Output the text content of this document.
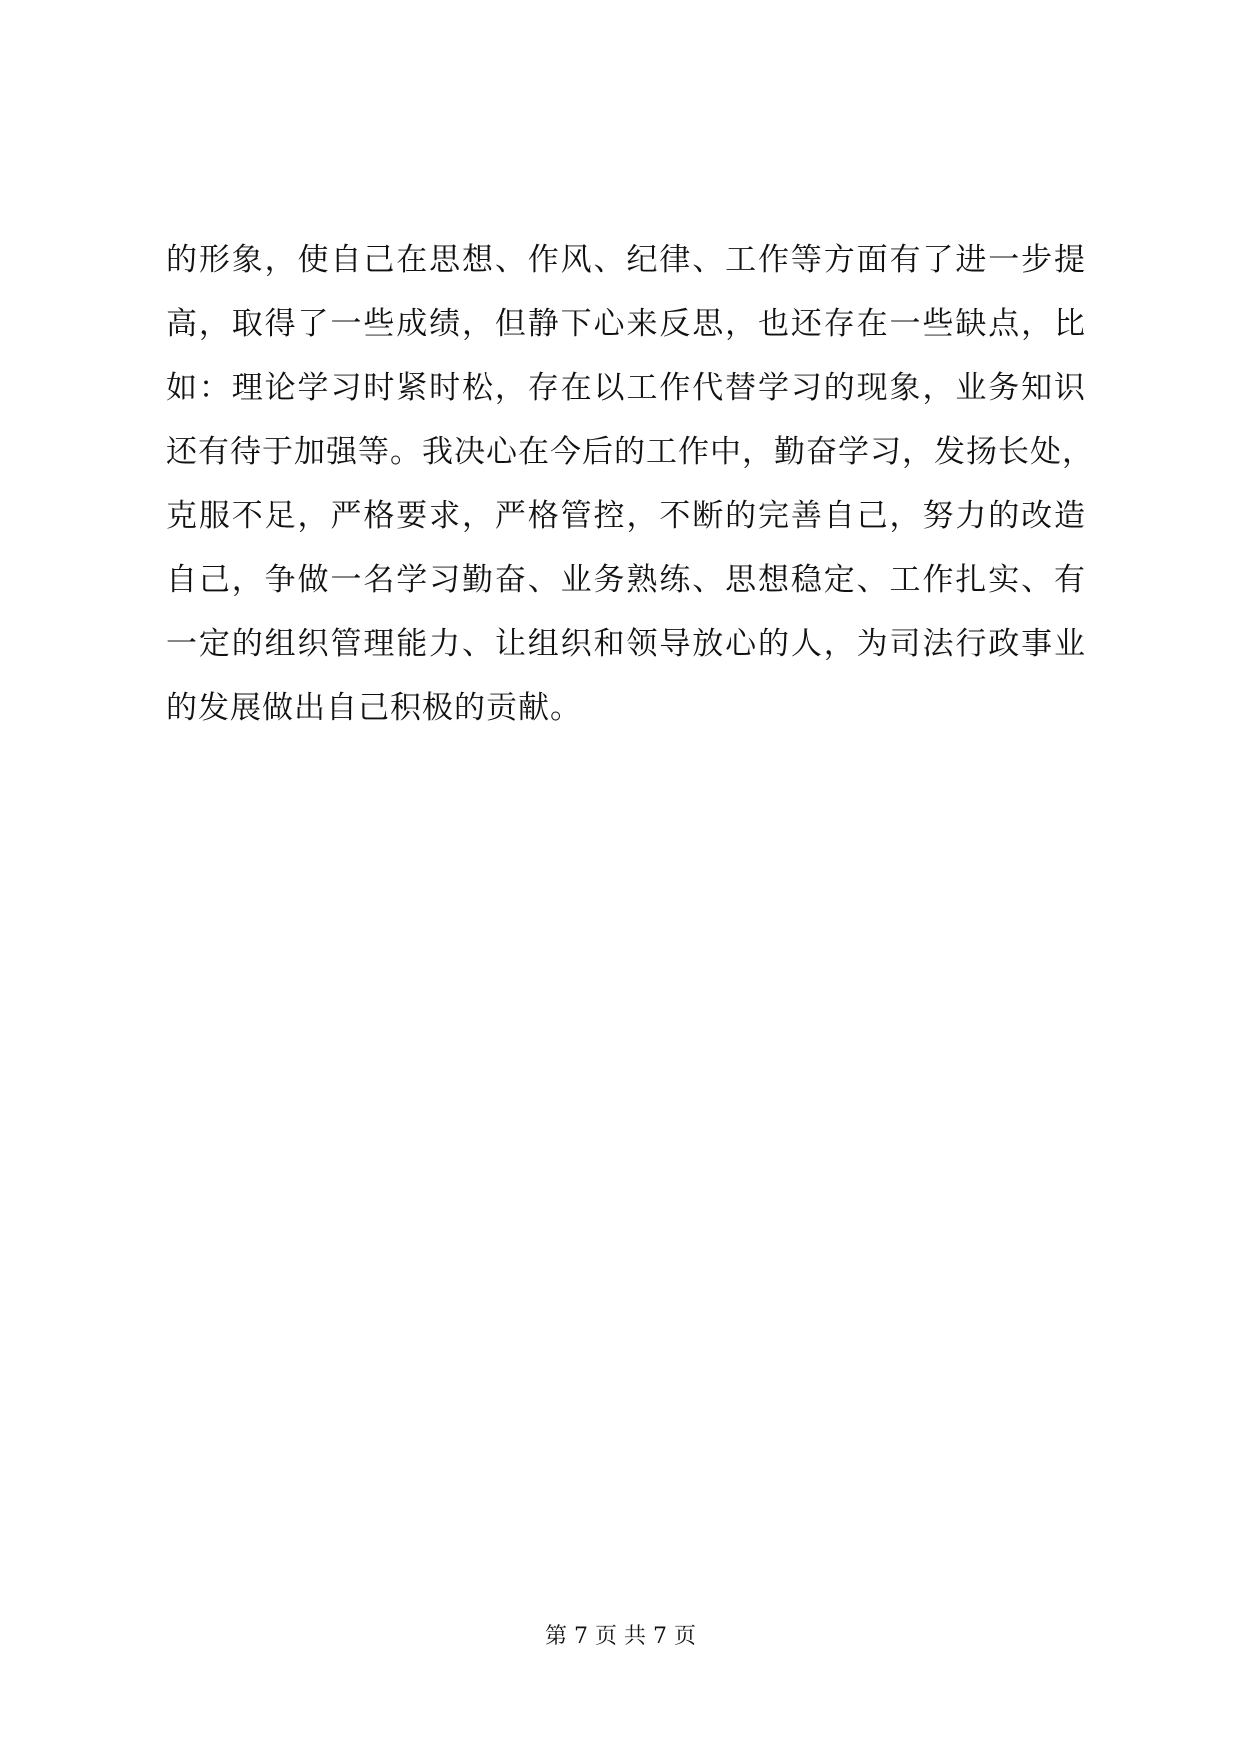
的形象，使自己在思想、作风、纪律、工作等方面有了进一步提
高，取得了一些成绩，但静下心来反思，也还存在一些缺点，比
如：理论学习时紧时松，存在以工作代替学习的现象，业务知识
还有待于加强等。我决心在今后的工作中，勤奋学习，发扬长处，
克服不足，严格要求，严格管控，不断的完善自己，努力的改造
自己，争做一名学习勤奋、业务熟练、思想稳定、工作扎实、有
一定的组织管理能力、让组织和领导放心的人，为司法行政事业
的发展做出自己积极的贡献。
第 7 页 共 7 页
